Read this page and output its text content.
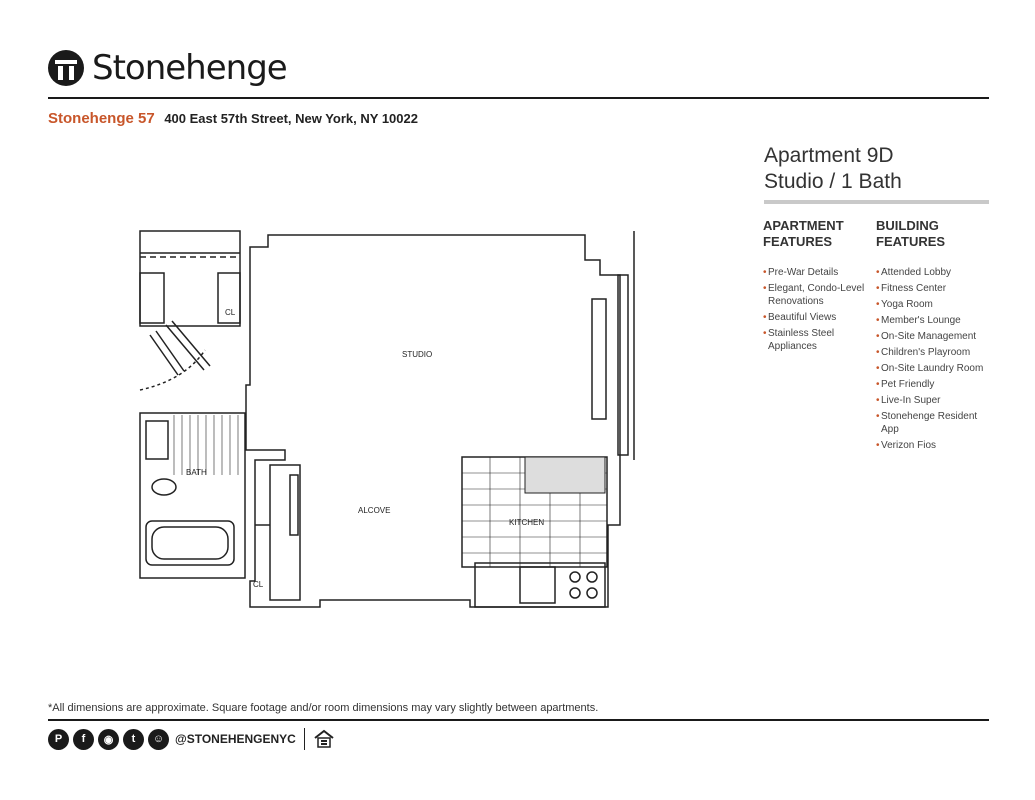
Stonehenge
Stonehenge 57 400 East 57th Street, New York, NY 10022
Apartment 9D
Studio / 1 Bath
APARTMENT
FEATURES
• Pre-War Details
• Elegant, Condo-Level Renovations
• Beautiful Views
• Stainless Steel Appliances
BUILDING
FEATURES
• Attended Lobby
• Fitness Center
• Yoga Room
• Member's Lounge
• On-Site Management
• Children's Playroom
• On-Site Laundry Room
• Pet Friendly
• Live-In Super
• Stonehenge Resident App
• Verizon Fios
STUDIO
ALCOVE
KITCHEN
BATH
CL
CL
*All dimensions are approximate. Square footage and/or room dimensions may vary slightly between apartments.
P	f	◉	t	☺ @STONEHENGENYC
